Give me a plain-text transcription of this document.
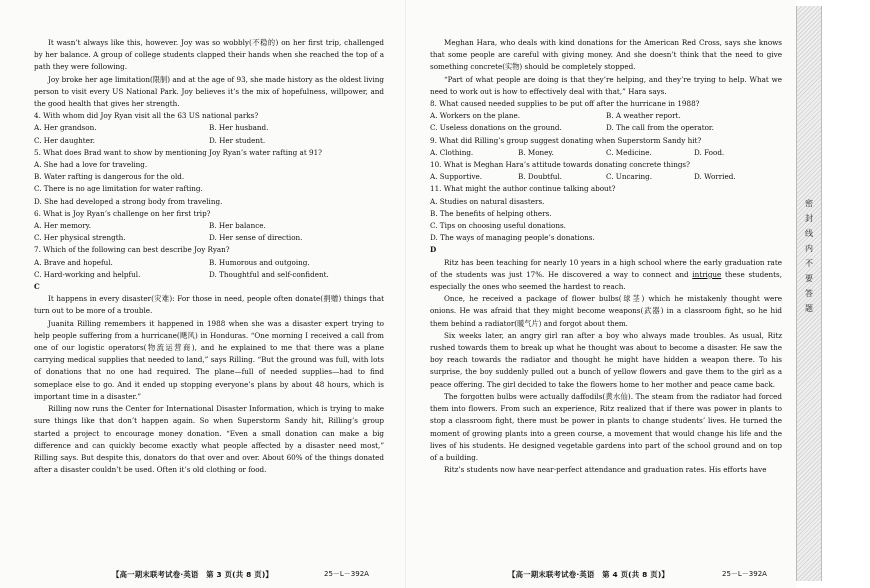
It wasn’t always like this, however. Joy was so wobbly(不稳的) on her first trip, challenged by her balance. A group of college students clapped their hands when she reached the top of a path they were following.

Joy broke her age limitation(限制) and at the age of 93, she made history as the oldest living person to visit every US National Park. Joy believes it’s the mix of hopefulness, willpower, and the good health that gives her strength.

4. With whom did Joy Ryan visit all the 63 US national parks?

A. Her grandson.	B. Her husband.
C. Her daughter.	D. Her student.

5. What does Brad want to show by mentioning Joy Ryan’s water rafting at 91?

A. She had a love for traveling.

B. Water rafting is dangerous for the old.

C. There is no age limitation for water rafting.

D. She had developed a strong body from traveling.

6. What is Joy Ryan’s challenge on her first trip?

A. Her memory.	B. Her balance.
C. Her physical strength.	D. Her sense of direction.

7. Which of the following can best describe Joy Ryan?

A. Brave and hopeful.	B. Humorous and outgoing.
C. Hard-working and helpful.	D. Thoughtful and self-confident.

C

It happens in every disaster(灾难): For those in need, people often donate(捐赠) things that turn out to be more of a trouble.

Juanita Rilling remembers it happened in 1988 when she was a disaster expert trying to help people suffering from a hurricane(飓风) in Honduras. “One morning I received a call from one of our logistic operators(物流运营商), and he explained to me that there was a plane carrying medical supplies that needed to land,” says Rilling. “But the ground was full, with lots of donations that no one had required. The plane—full of needed supplies—had to find someplace else to go. And it ended up stopping everyone’s plans by about 48 hours, which is important time in a disaster.”

Rilling now runs the Center for International Disaster Information, which is trying to make sure things like that don’t happen again. So when Superstorm Sandy hit, Rilling’s group started a project to encourage money donation. “Even a small donation can make a big difference and can quickly become exactly what people affected by a disaster need most,” Rilling says. But despite this, donators do that over and over. About 60% of the things donated after a disaster couldn’t be used. Often it’s old clothing or food.

【高一期末联考试卷·英语　第 3 页(共 8 页)】	25－L－392A

Meghan Hara, who deals with kind donations for the American Red Cross, says she knows that some people are careful with giving money. And she doesn’t think that the need to give something concrete(实物) should be completely stopped.

“Part of what people are doing is that they’re helping, and they’re trying to help. What we need to work out is how to effectively deal with that,” Hara says.

8. What caused needed supplies to be put off after the hurricane in 1988?

A. Workers on the plane.	B. A weather report.
C. Useless donations on the ground.	D. The call from the operator.

9. What did Rilling’s group suggest donating when Superstorm Sandy hit?

A. Clothing.	B. Money.	C. Medicine.	D. Food.

10. What is Meghan Hara’s attitude towards donating concrete things?

A. Supportive.	B. Doubtful.	C. Uncaring.	D. Worried.

11. What might the author continue talking about?

A. Studies on natural disasters.

B. The benefits of helping others.

C. Tips on choosing useful donations.

D. The ways of managing people’s donations.

D

Ritz has been teaching for nearly 10 years in a high school where the early graduation rate of the students was just 17%. He discovered a way to connect and intrigue these students, especially the ones who seemed the hardest to reach.

Once, he received a package of flower bulbs(球茎) which he mistakenly thought were onions. He was afraid that they might become weapons(武器) in a classroom fight, so he hid them behind a radiator(暖气片) and forgot about them.

Six weeks later, an angry girl ran after a boy who always made troubles. As usual, Ritz rushed towards them to break up what he thought was about to become a disaster. He saw the boy reach towards the radiator and thought he might have hidden a weapon there. To his surprise, the boy suddenly pulled out a bunch of yellow flowers and gave them to the girl as a peace offering. The girl decided to take the flowers home to her mother and peace came back.

The forgotten bulbs were actually daffodils(黄水仙). The steam from the radiator had forced them into flowers. From such an experience, Ritz realized that if there was power in plants to stop a classroom fight, there must be power in plants to change students’ lives. He turned the moment of growing plants into a green course, a movement that would change his life and the lives of his students. He designed vegetable gardens into part of the school ground and on top of a building.

Ritz’s students now have near-perfect attendance and graduation rates. His efforts have

【高一期末联考试卷·英语　第 4 页(共 8 页)】	25－L－392A
密
封
线
内
不
要
答
题
